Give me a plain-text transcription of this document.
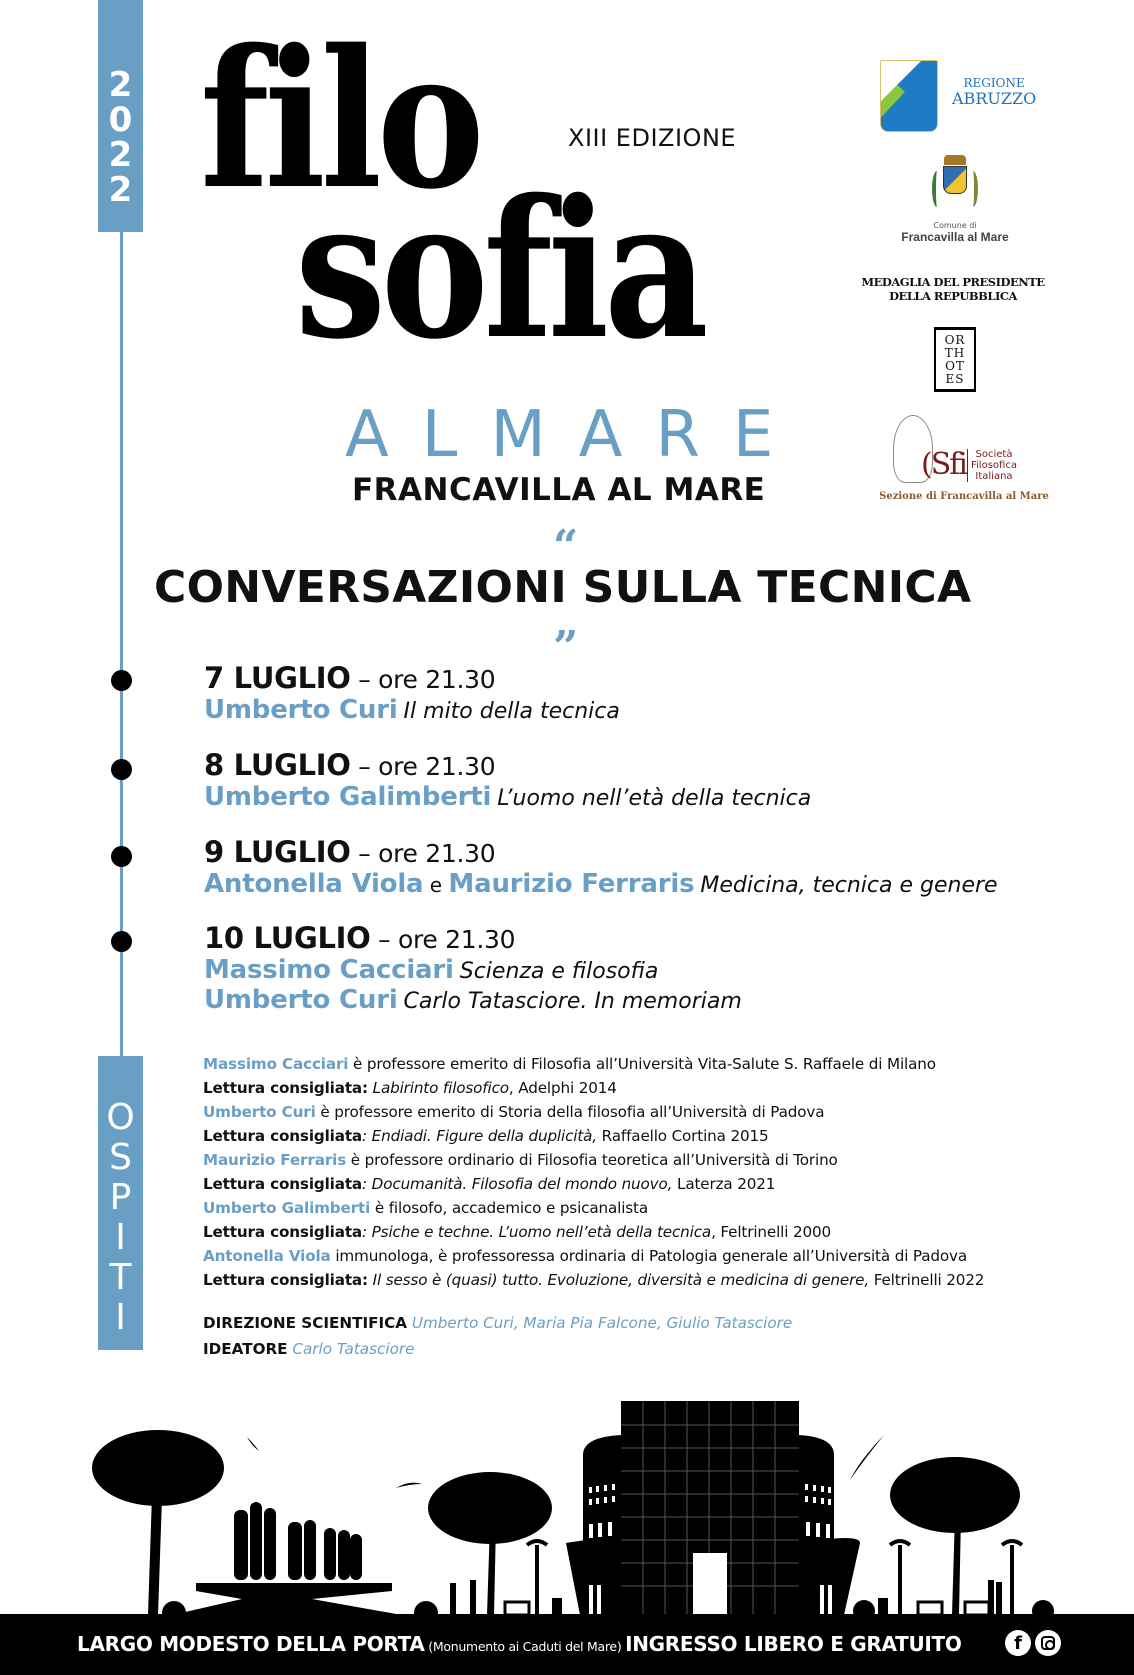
2
0
2
2
O
S
P
I
T
I
filo
sofia
XIII EDIZIONE
ALMARE
FRANCAVILLA AL MARE
“
CONVERSAZIONI SULLA TECNICA
”
REGIONE
ABRUZZO
Comune di
Francavilla al Mare
MEDAGLIA DEL PRESIDENTE
DELLA REPUBBLICA
OR
TH
OT
ES
(Sfi Società
Filosofica
Italiana
Sezione di Francavilla al Mare
7 LUGLIO – ore 21.30
Umberto Curi Il mito della tecnica
8 LUGLIO – ore 21.30
Umberto Galimberti L’uomo nell’età della tecnica
9 LUGLIO – ore 21.30
Antonella Viola e Maurizio Ferraris Medicina, tecnica e genere
10 LUGLIO – ore 21.30
Massimo Cacciari Scienza e filosofia
Umberto Curi Carlo Tatasciore. In memoriam
Massimo Cacciari è professore emerito di Filosofia all’Università Vita-Salute S. Raffaele di Milano
Lettura consigliata: Labirinto filosofico, Adelphi 2014
Umberto Curi è professore emerito di Storia della filosofia all’Università di Padova
Lettura consigliata: Endiadi. Figure della duplicità, Raffaello Cortina 2015
Maurizio Ferraris è professore ordinario di Filosofia teoretica all’Università di Torino
Lettura consigliata: Documanità. Filosofia del mondo nuovo, Laterza 2021
Umberto Galimberti è filosofo, accademico e psicanalista
Lettura consigliata: Psiche e techne. L’uomo nell’età della tecnica, Feltrinelli 2000
Antonella Viola immunologa, è professoressa ordinaria di Patologia generale all’Università di Padova
Lettura consigliata: Il sesso è (quasi) tutto. Evoluzione, diversità e medicina di genere, Feltrinelli 2022
DIREZIONE SCIENTIFICA Umberto Curi, Maria Pia Falcone, Giulio Tatasciore
IDEATORE Carlo Tatasciore
LARGO MODESTO DELLA PORTA (Monumento ai Caduti del Mare) INGRESSO LIBERO E GRATUITO	f
